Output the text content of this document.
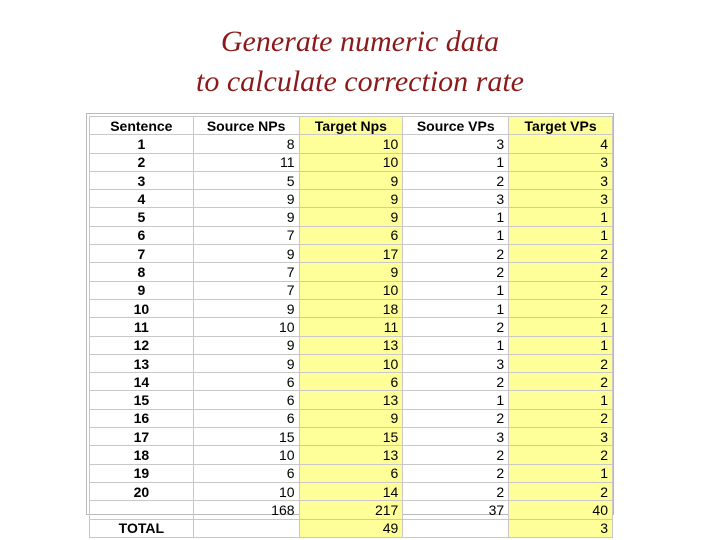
Generate numeric data
to calculate correction rate
Sentence	Source NPs	Target Nps	Source VPs	Target VPs
1	8	10	3	4
2	11	10	1	3
3	5	9	2	3
4	9	9	3	3
5	9	9	1	1
6	7	6	1	1
7	9	17	2	2
8	7	9	2	2
9	7	10	1	2
10	9	18	1	2
11	10	11	2	1
12	9	13	1	1
13	9	10	3	2
14	6	6	2	2
15	6	13	1	1
16	6	9	2	2
17	15	15	3	3
18	10	13	2	2
19	6	6	2	1
20	10	14	2	2
	168	217	37	40
TOTAL		49		3
